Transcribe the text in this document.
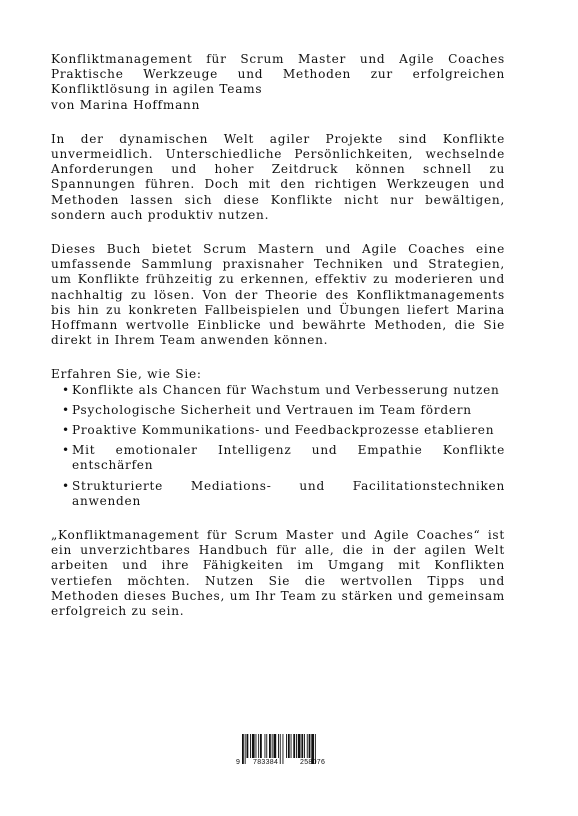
Konfliktmanagement für Scrum Master und Agile Coaches

Praktische Werkzeuge und Methoden zur erfolgreichen

Konfliktlösung in agilen Teams

von Marina Hoffmann

In der dynamischen Welt agiler Projekte sind Konflikte unvermeidlich. Unterschiedliche Persönlichkeiten, wechselnde Anforderungen und hoher Zeitdruck können schnell zu Spannungen führen. Doch mit den richtigen Werkzeugen und Methoden lassen sich diese Konflikte nicht nur bewältigen, sondern auch produktiv nutzen.

Dieses Buch bietet Scrum Mastern und Agile Coaches eine umfassende Sammlung praxisnaher Techniken und Strategien, um Konflikte frühzeitig zu erkennen, effektiv zu moderieren und nachhaltig zu lösen. Von der Theorie des Konfliktmanagements bis hin zu konkreten Fallbeispielen und Übungen liefert Marina Hoffmann wertvolle Einblicke und bewährte Methoden, die Sie direkt in Ihrem Team anwenden können.

Erfahren Sie, wie Sie:

• Konflikte als Chancen für Wachstum und Verbesserung nutzen
• Psychologische Sicherheit und Vertrauen im Team fördern
• Proaktive Kommunikations- und Feedbackprozesse etablieren
• Mit emotionaler Intelligenz und Empathie Konflikte entschärfen
• Strukturierte Mediations- und Facilitationstechniken anwenden

„Konfliktmanagement für Scrum Master und Agile Coaches“ ist ein unverzichtbares Handbuch für alle, die in der agilen Welt arbeiten und ihre Fähigkeiten im Umgang mit Konflikten vertiefen möchten. Nutzen Sie die wertvollen Tipps und Methoden dieses Buches, um Ihr Team zu stärken und gemeinsam erfolgreich zu sein.

9 783384	258076
